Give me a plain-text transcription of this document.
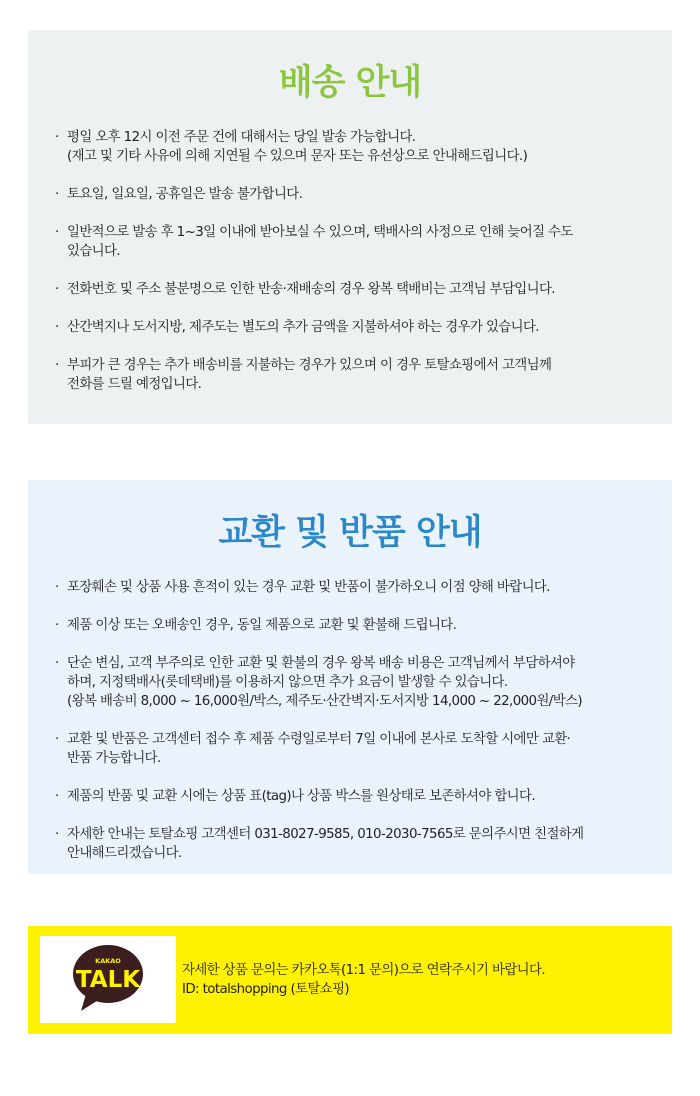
배송 안내
· 평일 오후 12시 이전 주문 건에 대해서는 당일 발송 가능합니다.
(재고 및 기타 사유에 의해 지연될 수 있으며 문자 또는 유선상으로 안내해드립니다.)
· 토요일, 일요일, 공휴일은 발송 불가합니다.
· 일반적으로 발송 후 1~3일 이내에 받아보실 수 있으며, 택배사의 사정으로 인해 늦어질 수도
있습니다.
· 전화번호 및 주소 불분명으로 인한 반송·재배송의 경우 왕복 택배비는 고객님 부담입니다.
· 산간벽지나 도서지방, 제주도는 별도의 추가 금액을 지불하셔야 하는 경우가 있습니다.
· 부피가 큰 경우는 추가 배송비를 지불하는 경우가 있으며 이 경우 토탈쇼핑에서 고객님께
전화를 드릴 예정입니다.
교환 및 반품 안내
· 포장훼손 및 상품 사용 흔적이 있는 경우 교환 및 반품이 불가하오니 이점 양해 바랍니다.
· 제품 이상 또는 오배송인 경우, 동일 제품으로 교환 및 환불해 드립니다.
· 단순 변심, 고객 부주의로 인한 교환 및 환불의 경우 왕복 배송 비용은 고객님께서 부담하셔야
하며, 지정택배사(롯데택배)를 이용하지 않으면 추가 요금이 발생할 수 있습니다.
(왕복 배송비 8,000 ~ 16,000원/박스, 제주도·산간벽지·도서지방 14,000 ~ 22,000원/박스)
· 교환 및 반품은 고객센터 접수 후 제품 수령일로부터 7일 이내에 본사로 도착할 시에만 교환·
반품 가능합니다.
· 제품의 반품 및 교환 시에는 상품 표(tag)나 상품 박스를 원상태로 보존하셔야 합니다.
· 자세한 안내는 토탈쇼핑 고객센터 031-8027-9585, 010-2030-7565로 문의주시면 친절하게
안내해드리겠습니다.
KAKAO
TALK	자세한 상품 문의는 카카오톡(1:1 문의)으로 연락주시기 바랍니다.
ID: totalshopping (토탈쇼핑)
